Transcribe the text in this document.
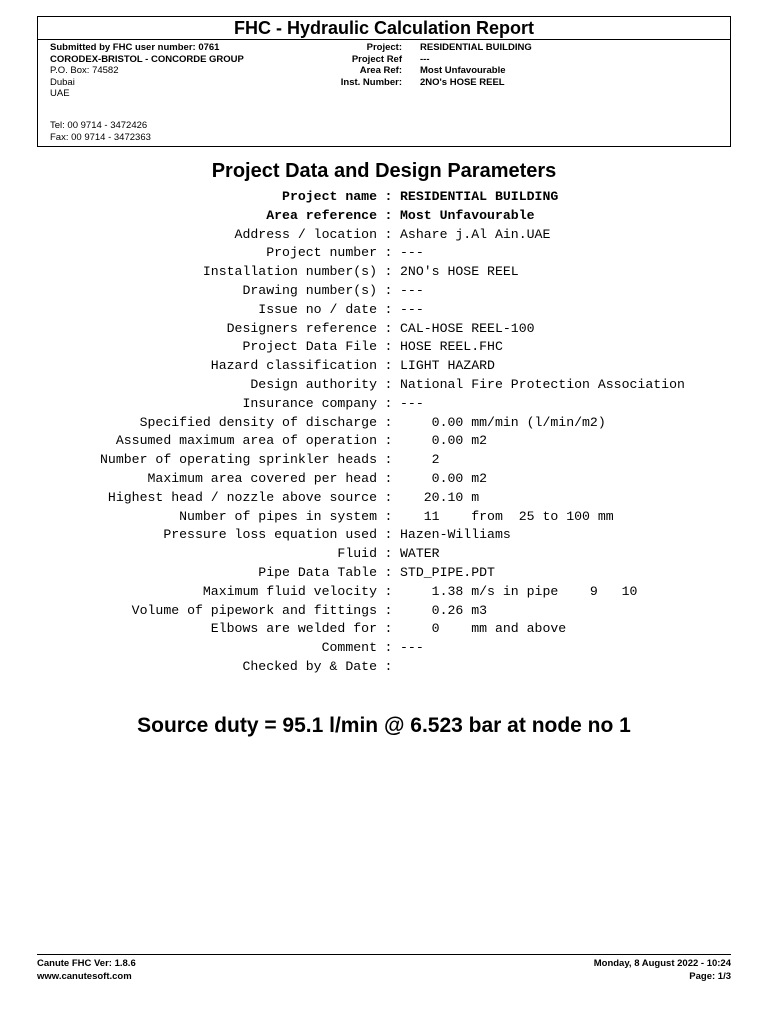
FHC - Hydraulic Calculation Report
Submitted by FHC user number: 0761
CORODEX-BRISTOL - CONCORDE GROUP
P.O. Box: 74582
Dubai
UAE
Project: RESIDENTIAL BUILDING
Project Ref ---
Area Ref: Most Unfavourable
Inst. Number: 2NO's HOSE REEL
Tel: 00 9714 - 3472426
Fax: 00 9714 - 3472363
Project Data and Design Parameters
Project name : RESIDENTIAL BUILDING
Area reference : Most Unfavourable
Address / location : Ashare j.Al Ain.UAE
Project number : ---
Installation number(s) : 2NO's HOSE REEL
Drawing number(s) : ---
Issue no / date : ---
Designers reference : CAL-HOSE REEL-100
Project Data File : HOSE REEL.FHC
Hazard classification : LIGHT HAZARD
Design authority : National Fire Protection Association
Insurance company : ---
Specified density of discharge : 0.00 mm/min (l/min/m2)
Assumed maximum area of operation : 0.00 m2
Number of operating sprinkler heads : 2
Maximum area covered per head : 0.00 m2
Highest head / nozzle above source : 20.10 m
Number of pipes in system : 11    from  25 to 100 mm
Pressure loss equation used : Hazen-Williams
Fluid : WATER
Pipe Data Table : STD_PIPE.PDT
Maximum fluid velocity : 1.38 m/s in pipe    9   10
Volume of pipework and fittings : 0.26 m3
Elbows are welded for : 0    mm and above
Comment : ---
Checked by & Date :
Source duty = 95.1 l/min @ 6.523 bar at node no 1
Canute FHC Ver: 1.8.6
www.canutesoft.com
Monday, 8 August 2022 - 10:24
Page: 1/3
